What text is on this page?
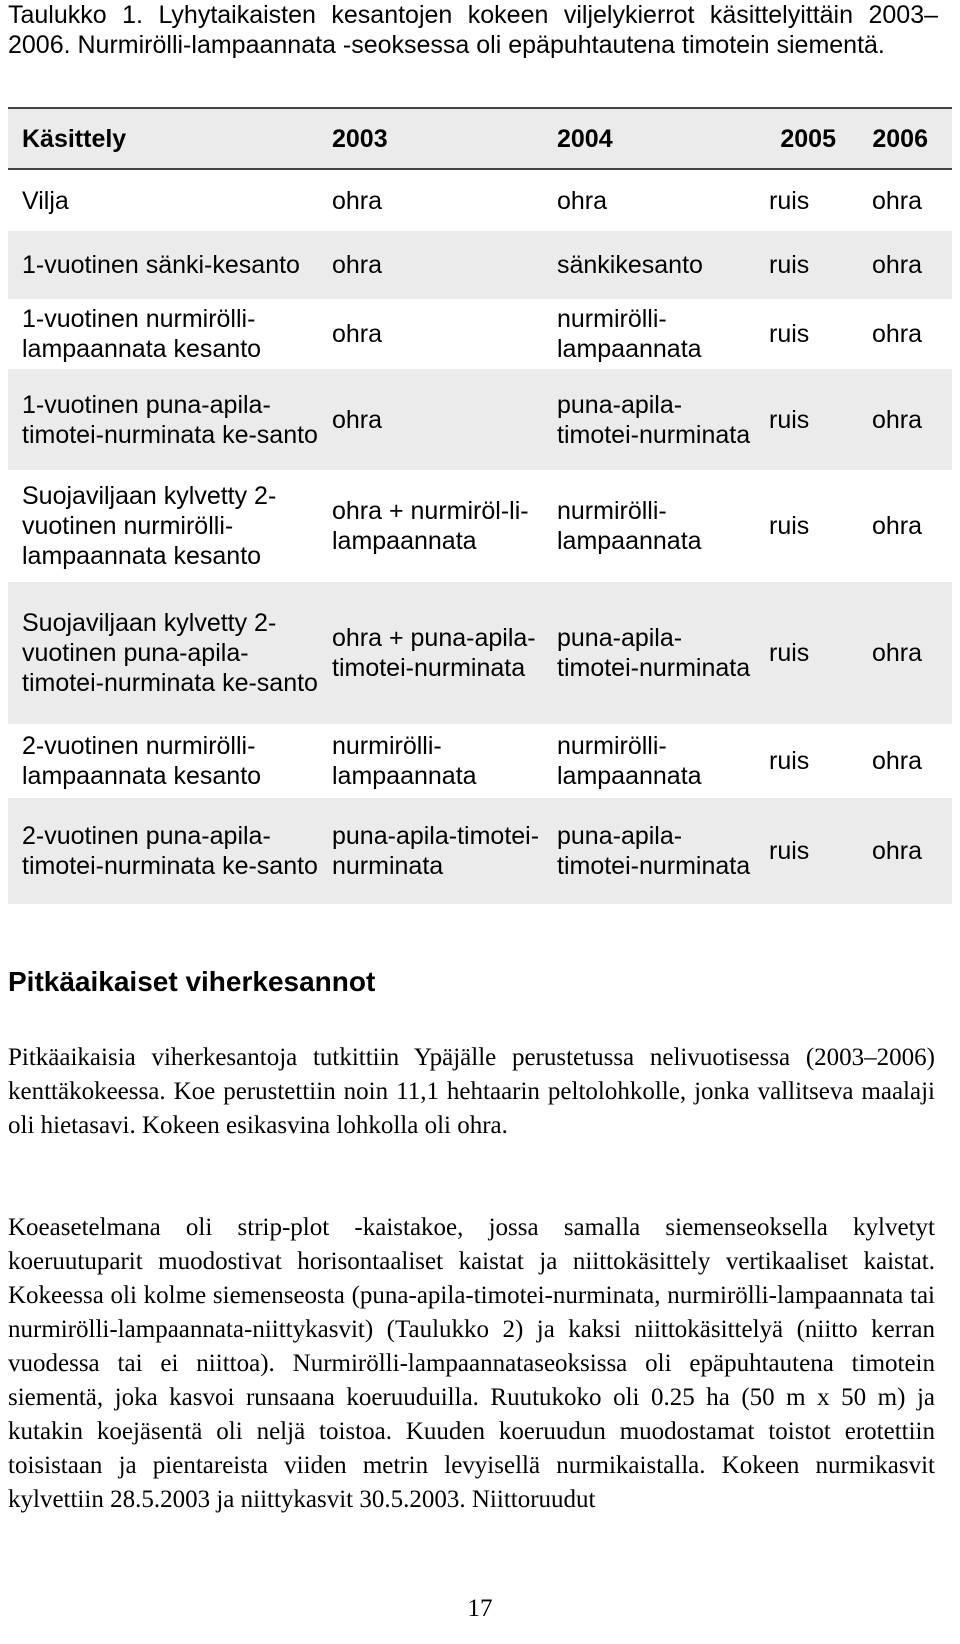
Taulukko 1. Lyhytaikaisten kesantojen kokeen viljelykierrot käsittelyittäin 2003–2006. Nurmirölli-lampaannata -seoksessa oli epäpuhtautena timotein siementä.
Käsittely	2003	2004	2005	2006
Vilja	ohra	ohra	ruis	ohra
1-vuotinen sänki-kesanto	ohra	sänkikesanto	ruis	ohra
1-vuotinen nurmirölli-lampaannata kesanto	ohra	nurmirölli-lampaannata	ruis	ohra
1-vuotinen puna-apila-timotei-nurminata ke-santo	ohra	puna-apila-timotei-nurminata	ruis	ohra
Suojaviljaan kylvetty 2-vuotinen nurmirölli-lampaannata kesanto	ohra + nurmiröl-li-lampaannata	nurmirölli-lampaannata	ruis	ohra
Suojaviljaan kylvetty 2-vuotinen puna-apila-timotei-nurminata ke-santo	ohra + puna-apila-timotei-nurminata	puna-apila-timotei-nurminata	ruis	ohra
2-vuotinen nurmirölli-lampaannata kesanto	nurmirölli-lampaannata	nurmirölli-lampaannata	ruis	ohra
2-vuotinen puna-apila-timotei-nurminata ke-santo	puna-apila-timotei-nurminata	puna-apila-timotei-nurminata	ruis	ohra
Pitkäaikaiset viherkesannot
Pitkäaikaisia viherkesantoja tutkittiin Ypäjälle perustetussa nelivuotisessa (2003–2006) kenttäkokeessa. Koe perustettiin noin 11,1 hehtaarin peltolohkolle, jonka vallitseva maalaji oli hietasavi. Kokeen esikasvina lohkolla oli ohra.
Koeasetelmana oli strip-plot -kaistakoe, jossa samalla siemenseoksella kylvetyt koeruutuparit muodostivat horisontaaliset kaistat ja niittokäsittely vertikaaliset kaistat. Kokeessa oli kolme siemenseosta (puna-apila-timotei-nurminata, nurmirölli-lampaannata tai nurmirölli-lampaannata-niittykasvit) (Taulukko 2) ja kaksi niittokäsittelyä (niitto kerran vuodessa tai ei niittoa). Nurmirölli-lampaannataseoksissa oli epäpuhtautena timotein siementä, joka kasvoi runsaana koeruuduilla. Ruutukoko oli 0.25 ha (50 m x 50 m) ja kutakin koejäsentä oli neljä toistoa. Kuuden koeruudun muodostamat toistot erotettiin toisistaan ja pientareista viiden metrin levyisellä nurmikaistalla. Kokeen nurmikasvit kylvettiin 28.5.2003 ja niittykasvit 30.5.2003. Niittoruudut
17
